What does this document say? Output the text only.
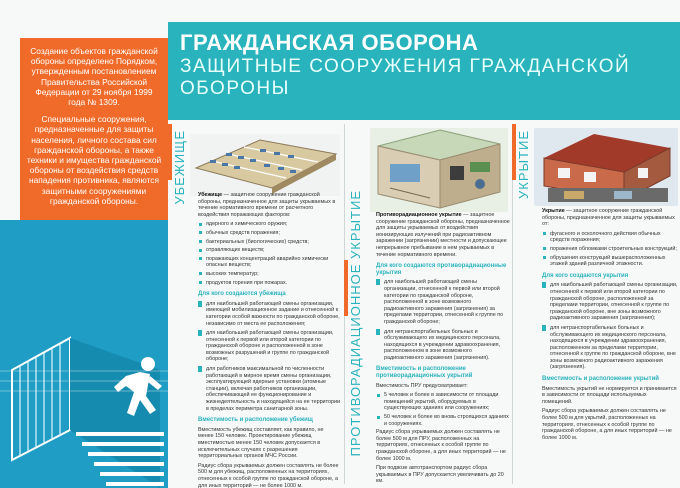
ГРАЖДАНСКАЯ ОБОРОНА
ЗАЩИТНЫЕ СООРУЖЕНИЯ ГРАЖДАНСКОЙ ОБОРОНЫ

Создание объектов гражданской обороны определено Порядком, утвержденным постановлением Правительства Российской Федерации от 29 ноября 1999 года № 1309.

Специальные сооружения, предназначенные для защиты населения, личного состава сил гражданской обороны, а также техники и имущества гражданской обороны от воздействия средств нападения противника, являются защитными сооружениями гражданской обороны.	УБЕЖИЩЕ	Убежище — защитное сооружение гражданской обороны, предназначенное для защиты укрываемых в течение нормативного времени от расчетного воздействия поражающих факторов:
ядерного и химического оружия;
обычных средств поражения;
бактериальных (биологических) средств;
отравляющих веществ;
поражающих концентраций аварийно химически опасных веществ;
высоких температур;
продуктов горения при пожарах.
Для кого создаются убежища
для наибольшей работающей смены организации, имеющей мобилизационное задание и отнесенной к категории особой важности по гражданской обороне, независимо от места ее расположения;
для наибольшей работающей смены организации, отнесенной к первой или второй категории по гражданской обороне и расположенной в зоне возможных разрушений и группе по гражданской обороне;
для работников максимальной по численности работающей в мирное время смены организации, эксплуатирующей ядерные установки (атомные станции), включая работников организации, обеспечивающей ее функционирование и жизнедеятельность и находящейся на ее территории в пределах периметра санитарной зоны.
Вместимость и расположение убежищ
Вместимость убежищ составляет, как правило, не менее 150 человек. Проектирование убежищ вместимостью менее 150 человек допускается в исключительных случаях с разрешения территориальных органов МЧС России.
Радиус сбора укрываемых должен составлять не более 500 м для убежищ, расположенных на территориях, отнесенных к особой группе по гражданской обороне, а для иных территорий — не более 1000 м.
ПРОТИВОРАДИАЦИОННОЕ УКРЫТИЕ	Противорадиационное укрытие — защитное сооружение гражданской обороны, предназначенное для защиты укрываемых от воздействия ионизирующих излучений при радиоактивном заражении (загрязнении) местности и допускающее непрерывное пребывание в нем укрываемых в течение нормативного времени.
Для кого создаются противорадиационные укрытия
для наибольшей работающей смены организации, отнесенной к первой или второй категории по гражданской обороне, расположенной в зоне возможного радиоактивного заражения (загрязнения) за пределами территории, отнесенной к группе по гражданской обороне;
для нетранспортабельных больных и обслуживающего их медицинского персонала, находящихся в учреждении здравоохранения, расположенном в зоне возможного радиоактивного заражения (загрязнения).
Вместимость и расположение противорадиационных укрытий
Вместимость ПРУ предусматривает:
5 человек и более в зависимости от площади помещений укрытий, оборудуемых в существующих зданиях или сооружениях;
50 человек и более во вновь строящихся зданиях и сооружениях.
Радиус сбора укрываемых должен составлять не более 500 м для ПРУ, расположенных на территориях, отнесенных к особой группе по гражданской обороне, а для иных территорий — не более 1000 м.
При подвозе автотранспортом радиус сбора укрываемых в ПРУ допускается увеличивать до 20 км.
УКРЫТИЕ
Укрытие — защитное сооружение гражданской обороны, предназначенное для защиты укрываемых от:
фугасного и осколочного действия обычных средств поражения;
поражения обломками строительных конструкций;
обрушения конструкций вышерасположенных этажей зданий различной этажности.
Для кого создаются укрытия
для наибольшей работающей смены организации, отнесенной к первой или второй категории по гражданской обороне, расположенной за пределами территории, отнесенной к группе по гражданской обороне, вне зоны возможного радиоактивного заражения (загрязнения);
для нетранспортабельных больных и обслуживающего их медицинского персонала, находящихся в учреждении здравоохранения, расположенном за пределами территории, отнесенной к группе по гражданской обороне, вне зоны возможного радиоактивного заражения (загрязнения).
Вместимость и расположение укрытий
Вместимость укрытий не нормируется и принимается в зависимости от площади используемых помещений.
Радиус сбора укрываемых должен составлять не более 500 м для укрытий, расположенных на территориях, отнесенных к особой группе по гражданской обороне, а для иных территорий — не более 1000 м.
